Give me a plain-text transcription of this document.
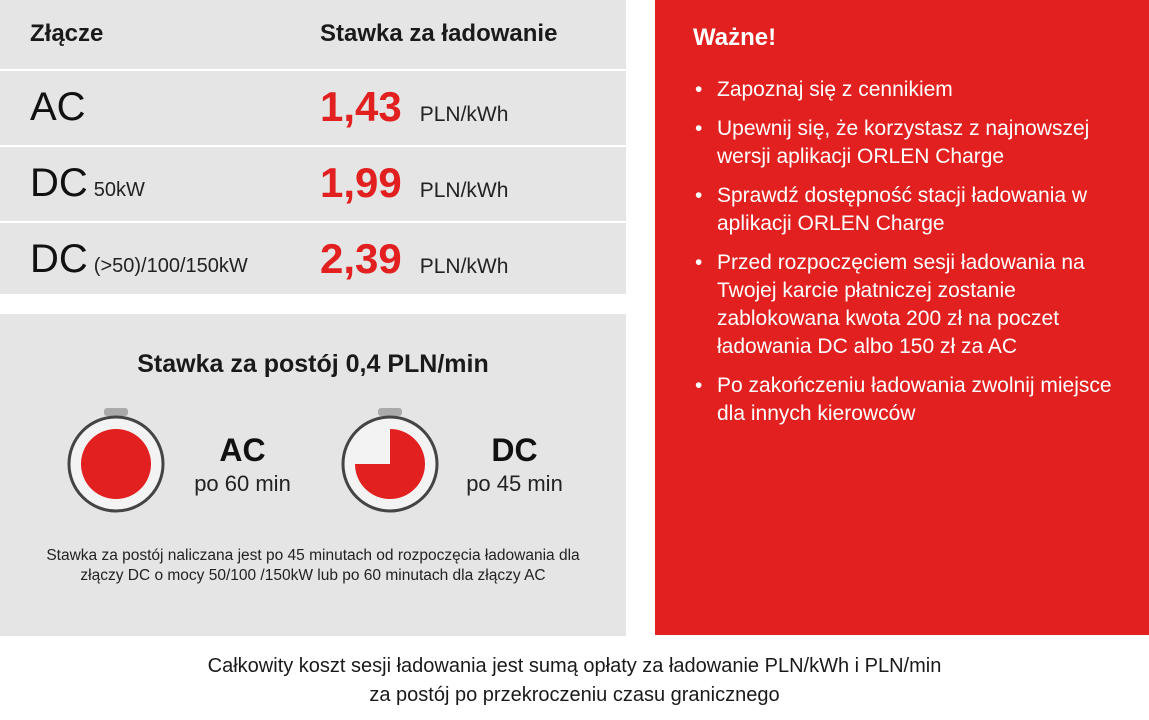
Złącze	Stawka za ładowanie
AC	1,43 PLN/kWh
DC 50kW	1,99 PLN/kWh
DC (>50)/100/150kW 2,39 PLN/kWh
Stawka za postój 0,4 PLN/min
AC
po 60 min
DC
po 45 min
Stawka za postój naliczana jest po 45 minutach od rozpoczęcia ładowania dla złączy DC o mocy 50/100 /150kW lub po 60 minutach dla złączy AC
Ważne!
• Zapoznaj się z cennikiem
• Upewnij się, że korzystasz z najnowszej wersji aplikacji ORLEN Charge
• Sprawdź dostępność stacji ładowania w aplikacji ORLEN Charge
• Przed rozpoczęciem sesji ładowania na Twojej karcie płatniczej zostanie zablokowana kwota 200 zł na poczet ładowania DC albo 150 zł za AC
• Po zakończeniu ładowania zwolnij miejsce dla innych kierowców
Całkowity koszt sesji ładowania jest sumą opłaty za ładowanie PLN/kWh i PLN/min
za postój po przekroczeniu czasu granicznego
